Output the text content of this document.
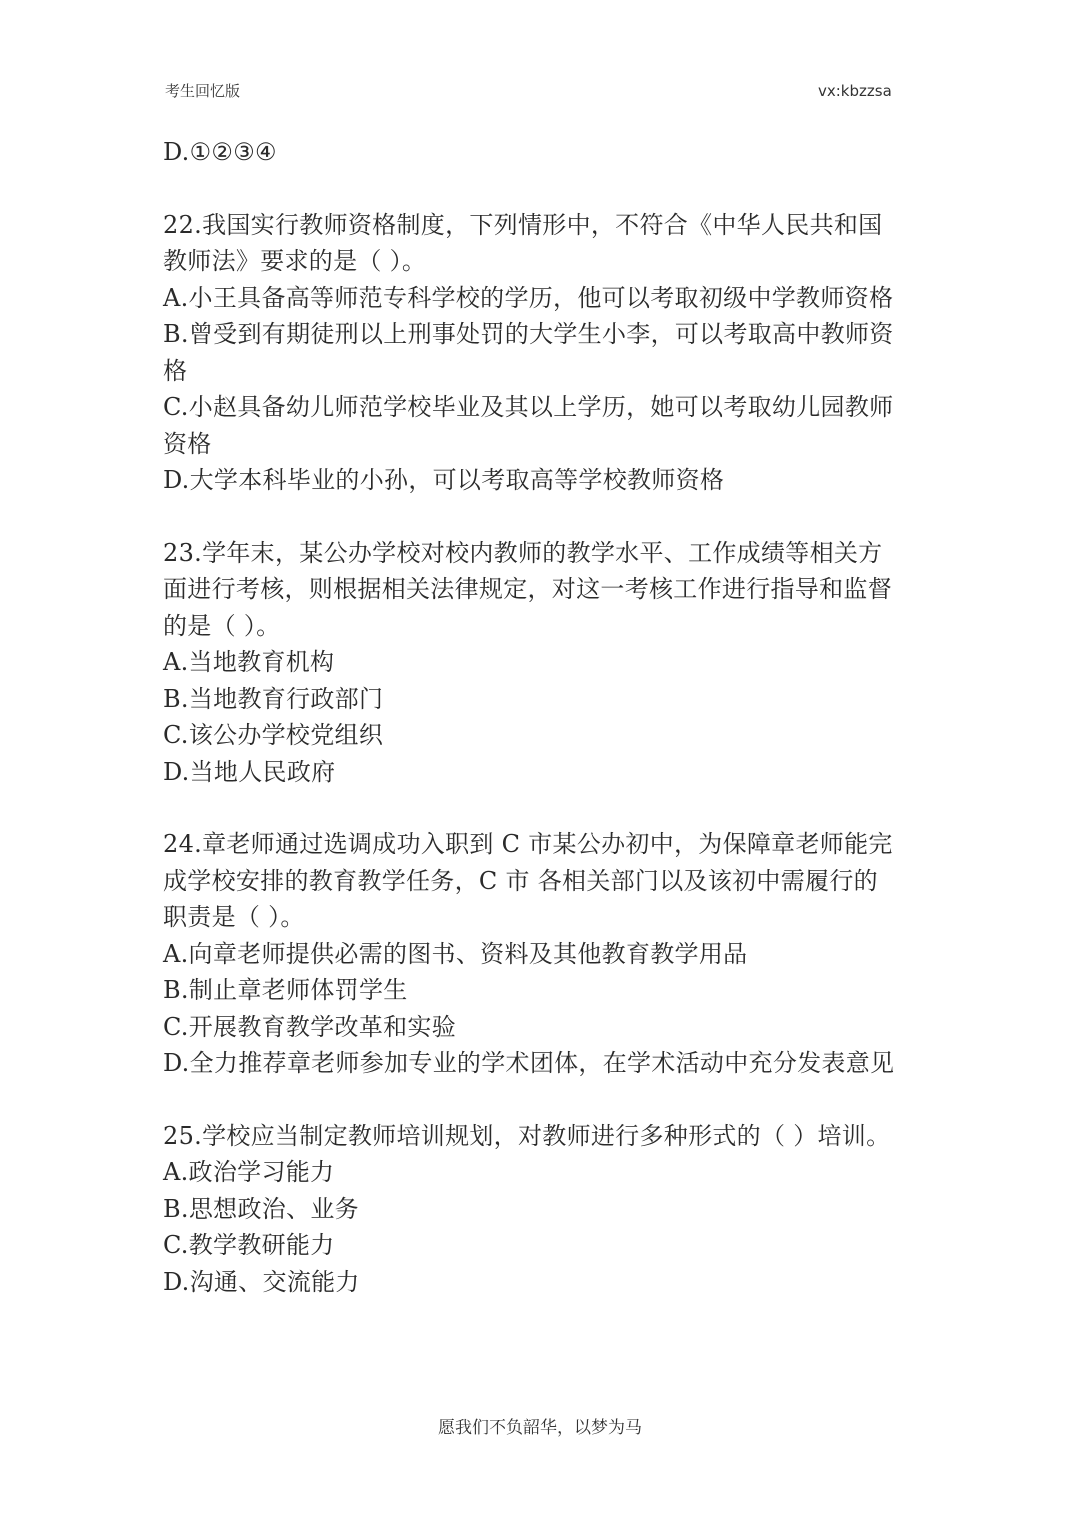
考生回忆版	vx:kbzzsa
D.①②③④
22.我国实行教师资格制度，下列情形中，不符合《中华人民共和国
教师法》要求的是（ ）。
A.小王具备高等师范专科学校的学历，他可以考取初级中学教师资格
B.曾受到有期徒刑以上刑事处罚的大学生小李，可以考取高中教师资
格
C.小赵具备幼儿师范学校毕业及其以上学历，她可以考取幼儿园教师
资格
D.大学本科毕业的小孙，可以考取高等学校教师资格
23.学年末，某公办学校对校内教师的教学水平、工作成绩等相关方
面进行考核，则根据相关法律规定，对这一考核工作进行指导和监督
的是（ ）。
A.当地教育机构
B.当地教育行政部门
C.该公办学校党组织
D.当地人民政府
24.章老师通过选调成功入职到 C 市某公办初中，为保障章老师能完
成学校安排的教育教学任务，C 市 各相关部门以及该初中需履行的
职责是（ ）。
A.向章老师提供必需的图书、资料及其他教育教学用品
B.制止章老师体罚学生
C.开展教育教学改革和实验
D.全力推荐章老师参加专业的学术团体，在学术活动中充分发表意见
25.学校应当制定教师培训规划，对教师进行多种形式的（ ）培训。
A.政治学习能力
B.思想政治、业务
C.教学教研能力
D.沟通、交流能力
愿我们不负韶华，以梦为马
